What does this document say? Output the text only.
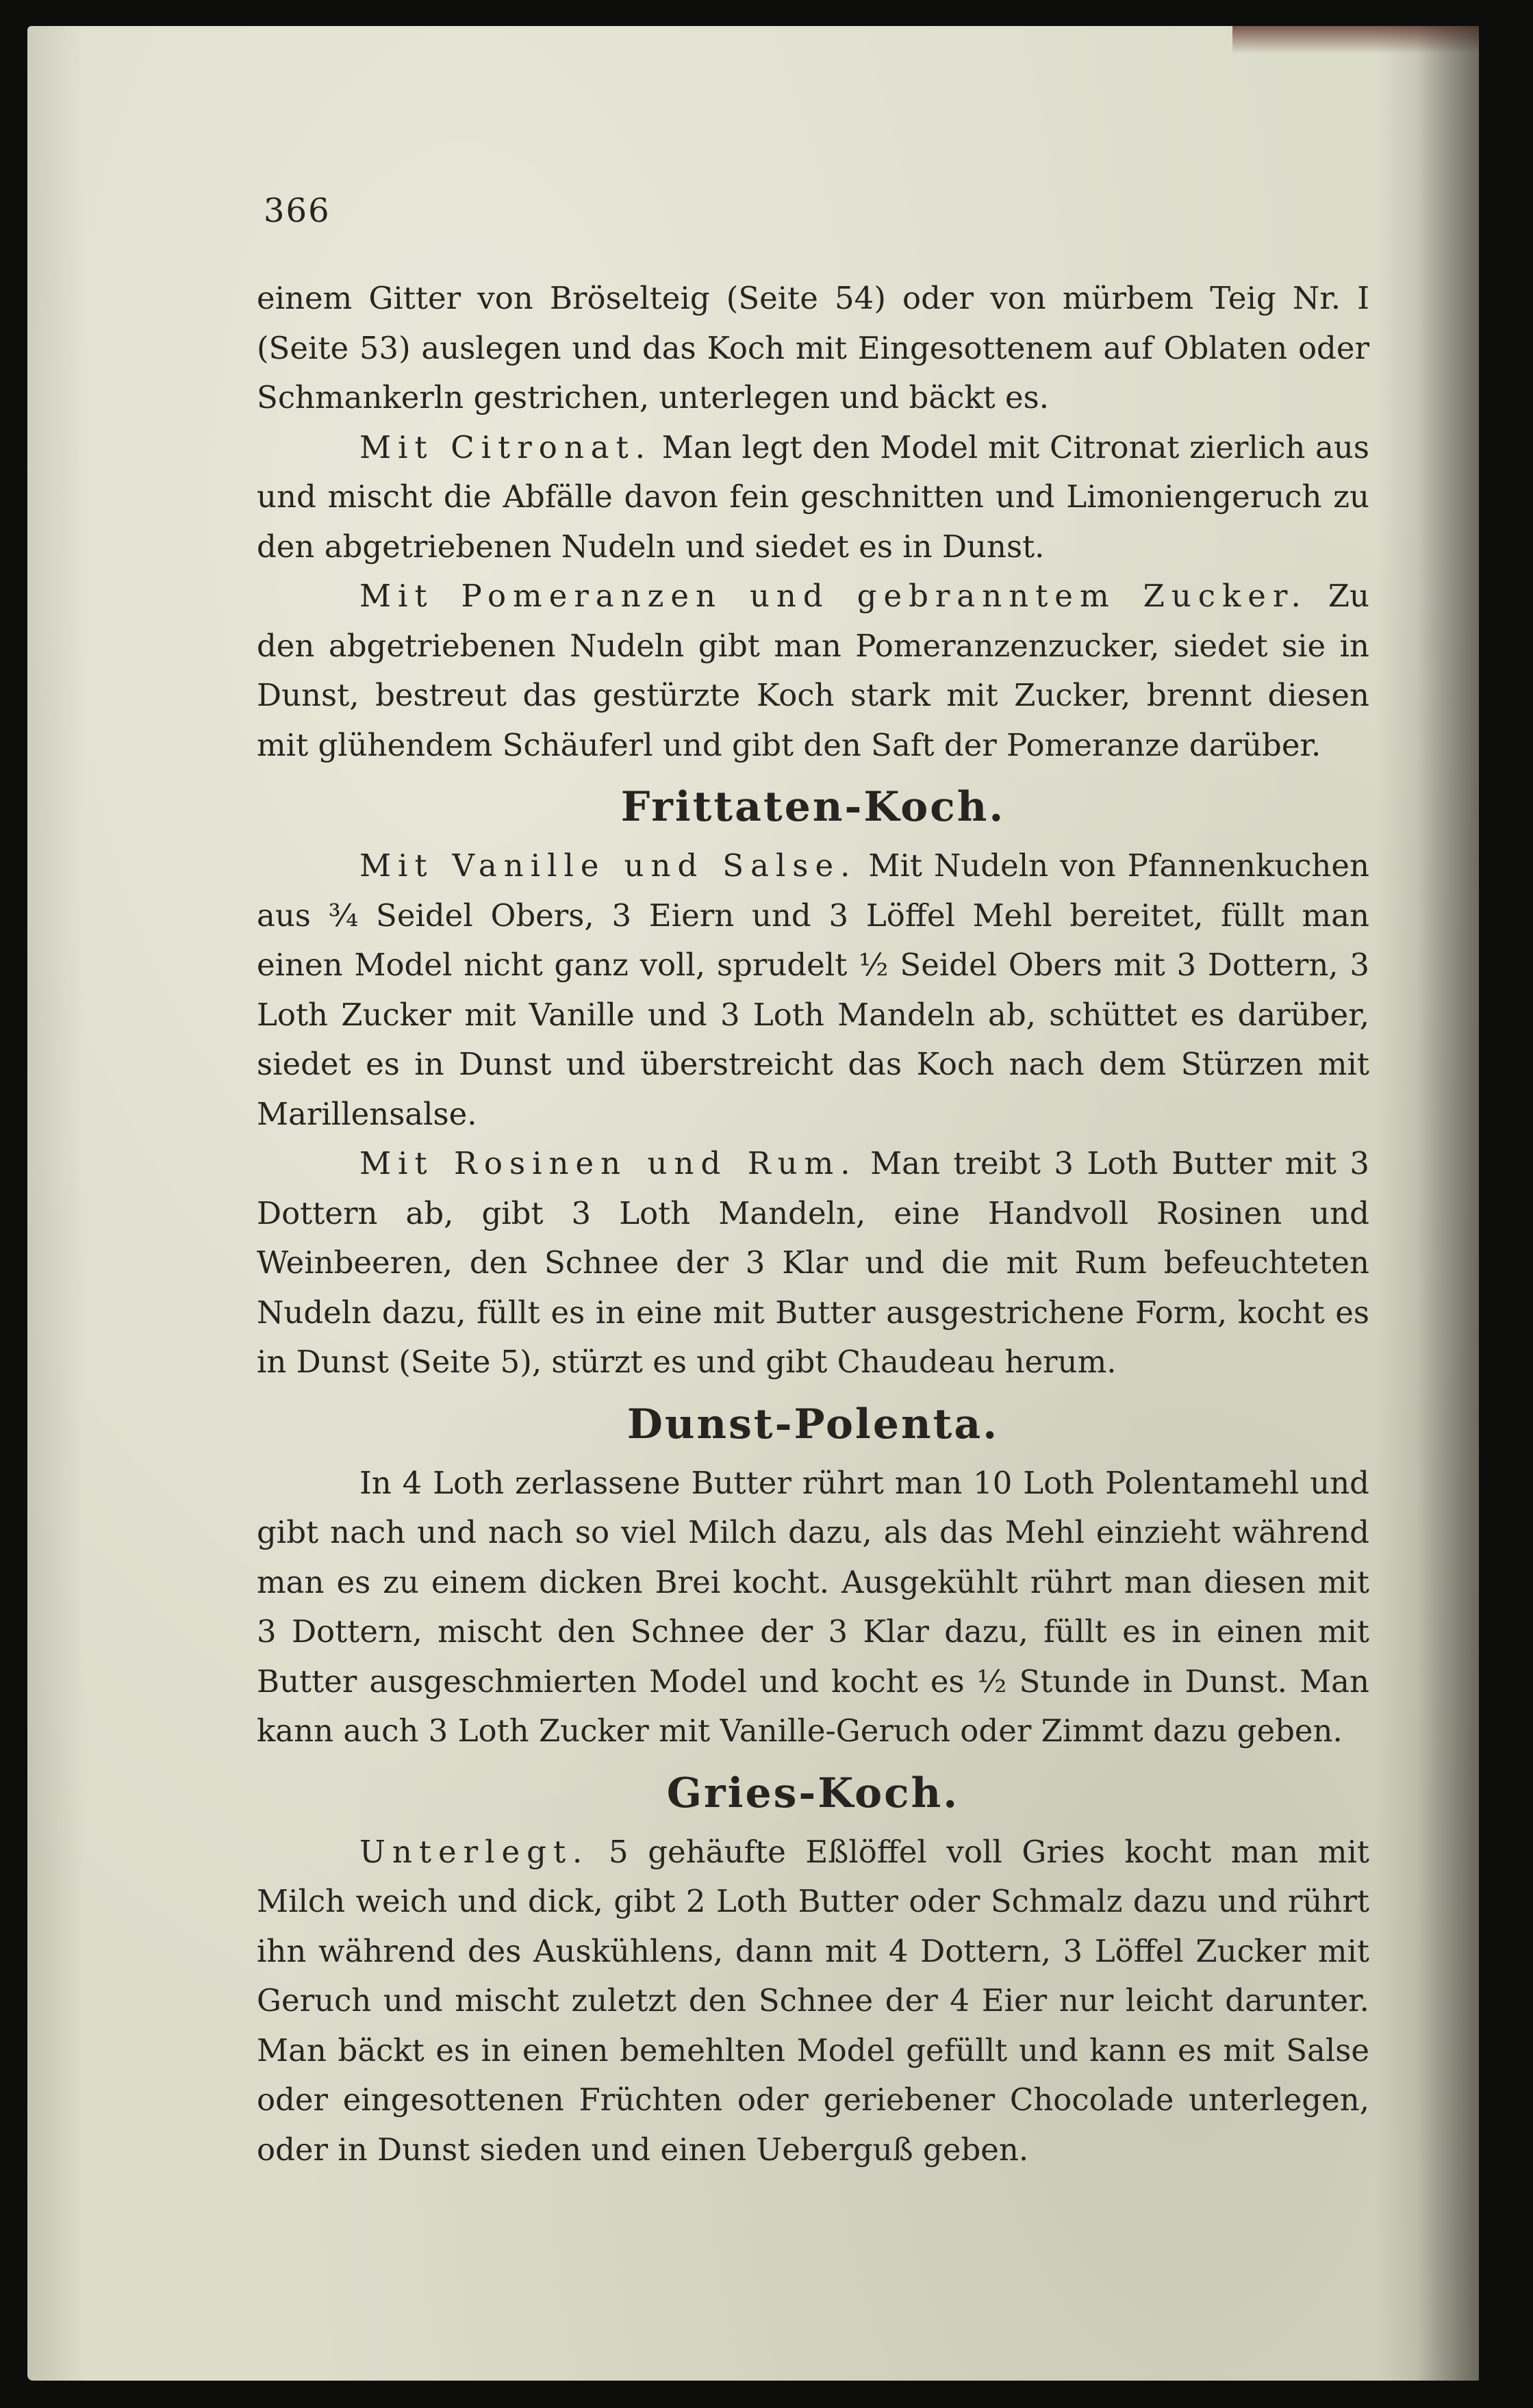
366

einem Gitter von Bröselteig (Seite 54) oder von mürbem Teig Nr. I (Seite 53) auslegen und das Koch mit Eingesottenem auf Oblaten oder Schmankerln gestrichen, unterlegen und bäckt es.

Mit Citronat. Man legt den Model mit Citronat zierlich aus und mischt die Abfälle davon fein geschnitten und Limoniengeruch zu den abgetriebenen Nudeln und siedet es in Dunst.

Mit Pomeranzen und gebranntem Zucker. Zu den abgetriebenen Nudeln gibt man Pomeranzenzucker, siedet sie in Dunst, bestreut das gestürzte Koch stark mit Zucker, brennt diesen mit glühendem Schäuferl und gibt den Saft der Pomeranze darüber.

Frittaten-Koch.

Mit Vanille und Salse. Mit Nudeln von Pfannenkuchen aus ¾ Seidel Obers, 3 Eiern und 3 Löffel Mehl bereitet, füllt man einen Model nicht ganz voll, sprudelt ½ Seidel Obers mit 3 Dottern, 3 Loth Zucker mit Vanille und 3 Loth Mandeln ab, schüttet es darüber, siedet es in Dunst und überstreicht das Koch nach dem Stürzen mit Marillensalse.

Mit Rosinen und Rum. Man treibt 3 Loth Butter mit 3 Dottern ab, gibt 3 Loth Mandeln, eine Handvoll Rosinen und Weinbeeren, den Schnee der 3 Klar und die mit Rum befeuchteten Nudeln dazu, füllt es in eine mit Butter ausgestrichene Form, kocht es in Dunst (Seite 5), stürzt es und gibt Chaudeau herum.

Dunst-Polenta.

In 4 Loth zerlassene Butter rührt man 10 Loth Polentamehl und gibt nach und nach so viel Milch dazu, als das Mehl einzieht während man es zu einem dicken Brei kocht. Ausgekühlt rührt man diesen mit 3 Dottern, mischt den Schnee der 3 Klar dazu, füllt es in einen mit Butter ausgeschmierten Model und kocht es ½ Stunde in Dunst. Man kann auch 3 Loth Zucker mit Vanille-Geruch oder Zimmt dazu geben.

Gries-Koch.

Unterlegt. 5 gehäufte Eßlöffel voll Gries kocht man mit Milch weich und dick, gibt 2 Loth Butter oder Schmalz dazu und rührt ihn während des Auskühlens, dann mit 4 Dottern, 3 Löffel Zucker mit Geruch und mischt zuletzt den Schnee der 4 Eier nur leicht darunter. Man bäckt es in einen bemehlten Model gefüllt und kann es mit Salse oder eingesottenen Früchten oder geriebener Chocolade unterlegen, oder in Dunst sieden und einen Ueberguß geben.
